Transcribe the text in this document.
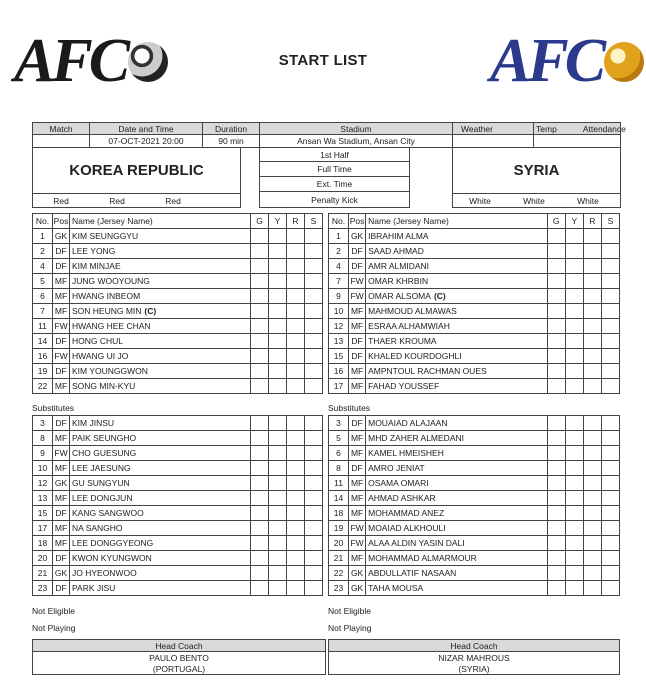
AFC	AFC
START LIST
Match	Date and Time	Duration		Stadium		Weather	Temp Attendance
	07-OCT-2021 20:00	90 min		Ansan Wa Stadium, Ansan City			
KOREA REPUBLIC				1st Half		SYRIA	
				Full Time			
				Ext. Time			
				Penalty Kick			
Red Red Red						White White White	
No.	Pos	Name (Jersey Name)	G	Y	R	S
1	GK	KIM SEUNGGYU				
2	DF	LEE YONG				
4	DF	KIM MINJAE				
5	MF	JUNG WOOYOUNG				
6	MF	HWANG INBEOM				
7	MF	SON HEUNG MIN (C)				
11	FW	HWANG HEE CHAN				
14	DF	HONG CHUL				
16	FW	HWANG UI JO				
19	DF	KIM YOUNGGWON				
22	MF	SONG MIN-KYU				
No.	Pos	Name (Jersey Name)	G	Y	R	S
1	GK	IBRAHIM ALMA				
2	DF	SAAD AHMAD				
4	DF	AMR ALMIDANI				
7	FW	OMAR KHRBIN				
9	FW	OMAR ALSOMA (C)				
10	MF	MAHMOUD ALMAWAS				
12	MF	ESRAA ALHAMWIAH				
13	DF	THAER KROUMA				
15	DF	KHALED KOURDOGHLI				
16	MF	AMPNTOUL RACHMAN OUES				
17	MF	FAHAD YOUSSEF				
Substitutes	Substitutes
3	DF	KIM JINSU				
8	MF	PAIK SEUNGHO				
9	FW	CHO GUESUNG				
10	MF	LEE JAESUNG				
12	GK	GU SUNGYUN				
13	MF	LEE DONGJUN				
15	DF	KANG SANGWOO				
17	MF	NA SANGHO				
18	MF	LEE DONGGYEONG				
20	DF	KWON KYUNGWON				
21	GK	JO HYEONWOO				
23	DF	PARK JISU				
3	DF	MOUAIAD ALAJAAN				
5	MF	MHD ZAHER ALMEDANI				
6	MF	KAMEL HMEISHEH				
8	DF	AMRO JENIAT				
11	MF	OSAMA OMARI				
14	MF	AHMAD ASHKAR				
18	MF	MOHAMMAD ANEZ				
19	FW	MOAIAD ALKHOULI				
20	FW	ALAA ALDIN YASIN DALI				
21	MF	MOHAMMAD ALMARMOUR				
22	GK	ABDULLATIF NASAAN				
23	GK	TAHA MOUSA				
Not Eligible	Not Eligible
Not Playing	Not Playing
Head Coach
PAULO BENTO
(PORTUGAL)
Head Coach
NIZAR MAHROUS
(SYRIA)
